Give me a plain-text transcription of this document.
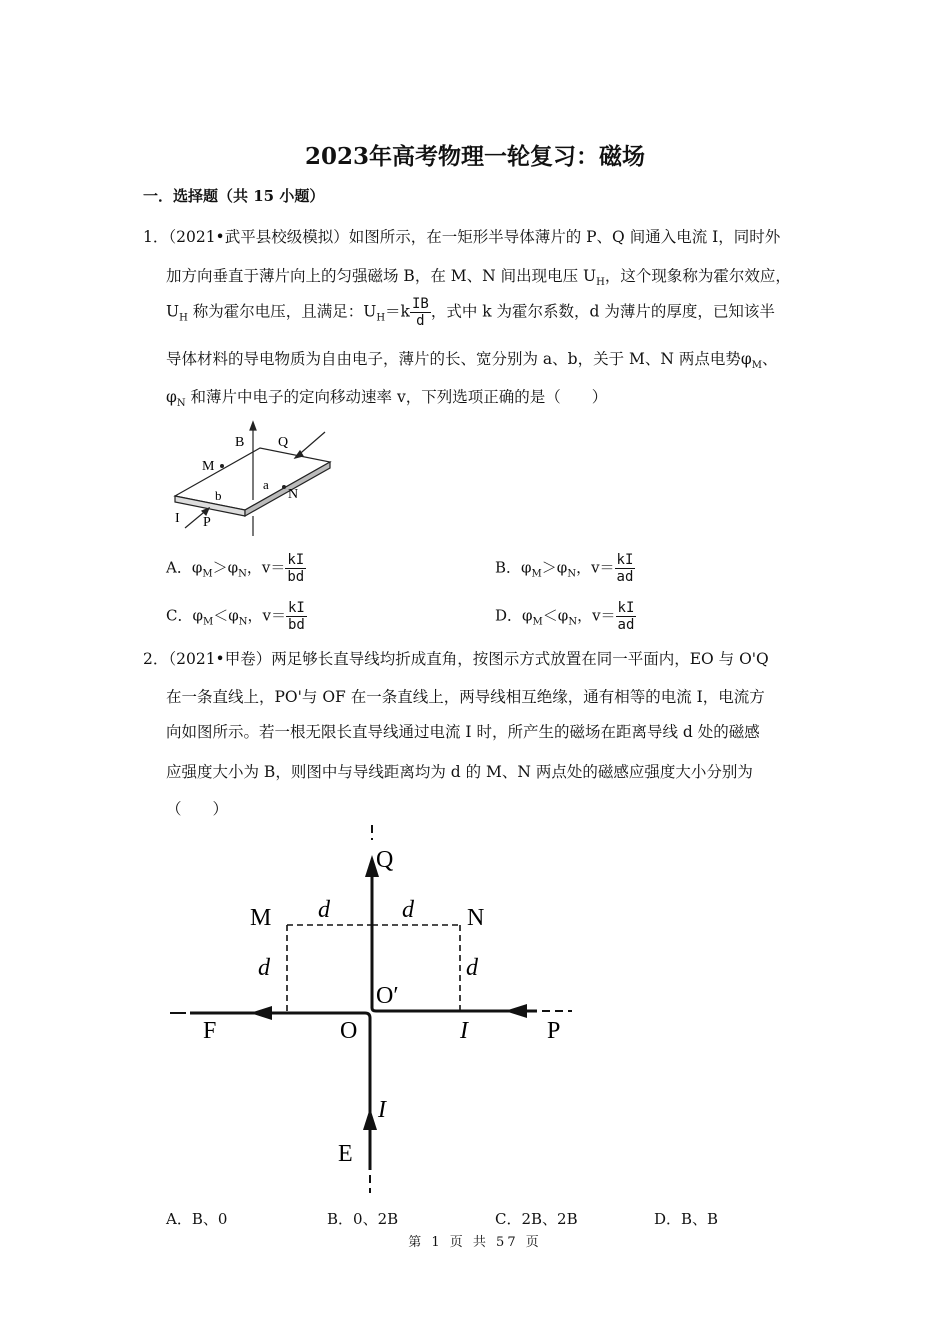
2023年高考物理一轮复习：磁场
一．选择题（共 15 小题）
1．（2021•武平县校级模拟）如图所示，在一矩形半导体薄片的 P、Q 间通入电流 I，同时外
加方向垂直于薄片向上的匀强磁场 B，在 M、N 间出现电压 $U_H$，这个现象称为霍尔效应，
$U_H$ 称为霍尔电压，且满足：$U_H=k \frac{IB}{d}$ ，式中 k 为霍尔系数，d 为薄片的厚度，已知该半
导体材料的导电物质为自由电子，薄片的长、宽分别为 a、b，关于 M、N 两点电势$\varphi_M$、
$\varphi_N$ 和薄片中电子的定向移动速率 v，下列选项正确的是（　　）
B Q
M
a
N
b
I P
A．$\varphi_M>\varphi_N$，$v= \frac{kI}{bd}$	B．$\varphi_M>\varphi_N$，$v= \frac{kI}{ad}$
C．$\varphi_M<\varphi_N$，$v= \frac{kI}{bd}$	D．$\varphi_M<\varphi_N$，$v= \frac{kI}{ad}$
2．（2021•甲卷）两足够长直导线均折成直角，按图示方式放置在同一平面内，EO 与 O'Q
在一条直线上，PO'与 OF 在一条直线上，两导线相互绝缘，通有相等的电流 I，电流方
向如图所示。若一根无限长直导线通过电流 I 时，所产生的磁场在距离导线 d 处的磁感
应强度大小为 B，则图中与导线距离均为 d 的 M、N 两点处的磁感应强度大小分别为
（　　）
Q
M d	d N
d	d
O′
F	O	I	P
I
E
A．B、0	B．0、2B	C．2B、2B	D．B、B
第 1 页 共 57 页
